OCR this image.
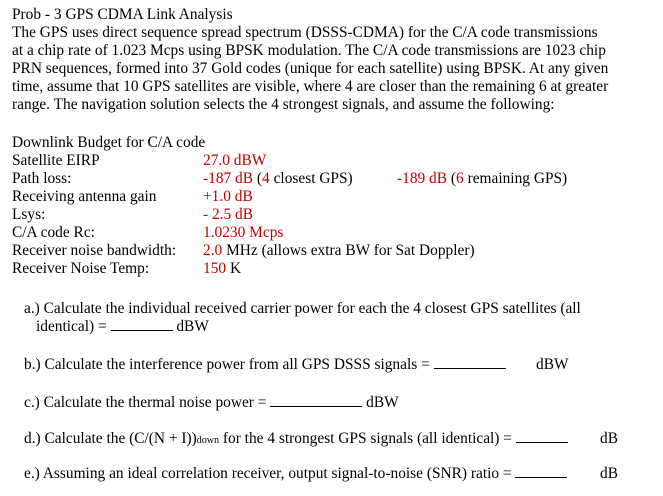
Prob - 3 GPS CDMA Link Analysis
The GPS uses direct sequence spread spectrum (DSSS-CDMA) for the C/A code transmissions
at a chip rate of 1.023 Mcps using BPSK modulation. The C/A code transmissions are 1023 chip
PRN sequences, formed into 37 Gold codes (unique for each satellite) using BPSK. At any given
time, assume that 10 GPS satellites are visible, where 4 are closer than the remaining 6 at greater
range. The navigation solution selects the 4 strongest signals, and assume the following:
Downlink Budget for C/A code
Satellite EIRP	27.0 dBW
Path loss:	-187 dB (4 closest GPS)	-189 dB (6 remaining GPS)
Receiving antenna gain	+1.0 dB
Lsys:	- 2.5 dB
C/A code Rc:	1.0230 Mcps
Receiver noise bandwidth: 2.0 MHz (allows extra BW for Sat Doppler)
Receiver Noise Temp:	150 K
a.) Calculate the individual received carrier power for each the 4 closest GPS satellites (all
identical) =	dBW
b.) Calculate the interference power from all GPS DSSS signals =	dBW
c.) Calculate the thermal noise power =	dBW
d.) Calculate the (C/(N + I))down for the 4 strongest GPS signals (all identical) =	dB
e.) Assuming an ideal correlation receiver, output signal-to-noise (SNR) ratio =	dB
